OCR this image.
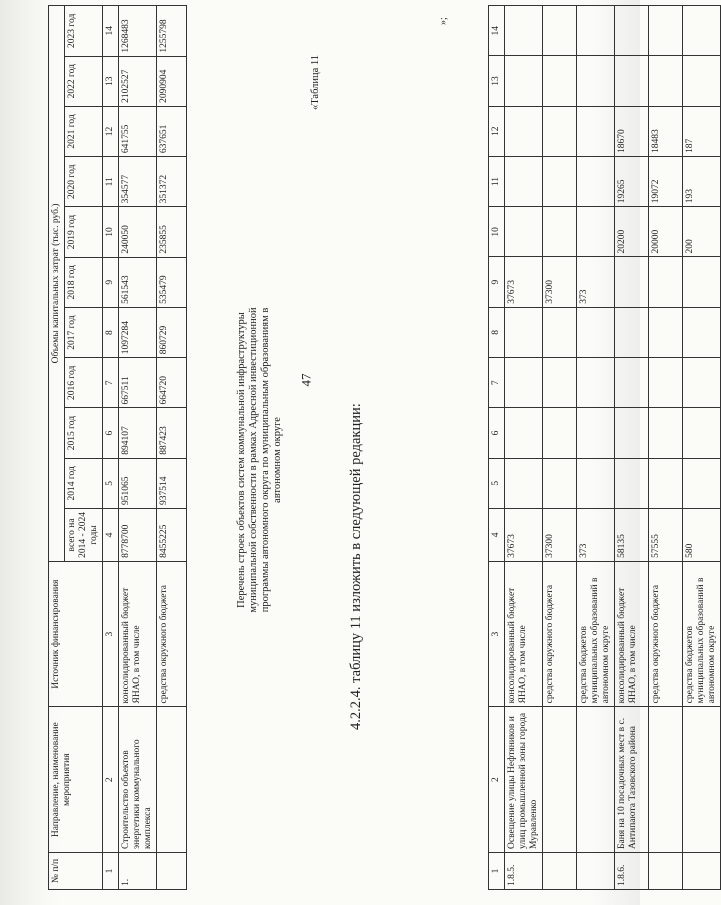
47
1	2	3	4	5	6	7	8	9	10	11	12	13	14
1.8.5.	Освещение улицы Нефтяников и улиц промышленной зоны города Муравленко	консолидированный бюджет ЯНАО, в том числе	37673					37673					
		средства окружного бюджета	37300					37300					
		средства бюджетов муниципальных образований в автономном округе	373					373					
1.8.6.	Баня на 10 посадочных мест в с. Антипаюта Тазовского района	консолидированный бюджет ЯНАО, в том числе	58135						20200	19265	18670		
		средства окружного бюджета	57555						20000	19072	18483		
		средства бюджетов муниципальных образований в автономном округе	580						200	193	187		
4.2.2.4. таблицу 11 изложить в следующей редакции:
»;
Перечень строек объектов систем коммунальной инфраструктуры муниципальной собственности в рамках Адресной инвестиционной программы автономного округа по муниципальным образованиям в автономном округе
«Таблица 11
№ п/п	Направление, наименование мероприятия	Источник финансирования	Объемы капитальных затрат (тыс. руб.)										
			всего на 2014 - 2024 годы	2014 год	2015 год	2016 год	2017 год	2018 год	2019 год	2020 год	2021 год	2022 год	2023 год
1	2	3	4	5	6	7	8	9	10	11	12	13	14
1.	Строительство объектов энергетики коммунального комплекса	консолидированный бюджет ЯНАО, в том числе	8778700	951065	894107	667511	1097284	561543	240050	354577	641755	2102527	1268483
		средства окружного бюджета	8455225	937514	887423	664720	860729	535479	235855	351372	637651	2090904	1255798
